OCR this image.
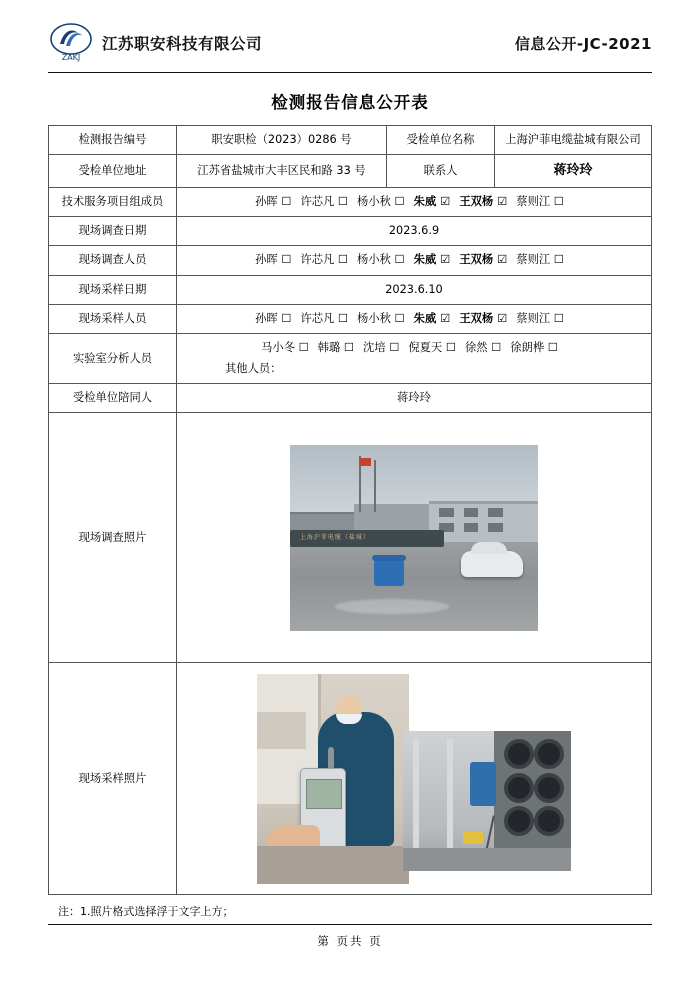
ZAKJ
江苏职安科技有限公司	信息公开-JC-2021
检测报告信息公开表
检测报告编号	职安职检（2023）0286 号	受检单位名称	上海沪菲电缆盐城有限公司
受检单位地址	江苏省盐城市大丰区民和路 33 号	联系人	蒋玲玲
技术服务项目组成员	孙晖 ☐ 许芯凡 ☐ 杨小秋 ☐ 朱威 ☑ 王双杨 ☑ 蔡则江 ☐		
现场调查日期	2023.6.9		
现场调查人员	孙晖 ☐ 许芯凡 ☐ 杨小秋 ☐ 朱威 ☑ 王双杨 ☑ 蔡则江 ☐		
现场采样日期	2023.6.10		
现场采样人员	孙晖 ☐ 许芯凡 ☐ 杨小秋 ☐ 朱威 ☑ 王双杨 ☑ 蔡则江 ☐		
实验室分析人员	马小冬 ☐ 韩璐 ☐ 沈培 ☐ 倪夏天 ☐ 徐然 ☐ 徐朗桦 ☐
其他人员：		

受检单位陪同人	蒋玲玲		
现场调查照片	上海沪菲电缆（盐城）		

现场采样照片			
注：1.照片格式选择浮于文字上方；
第 页共 页
